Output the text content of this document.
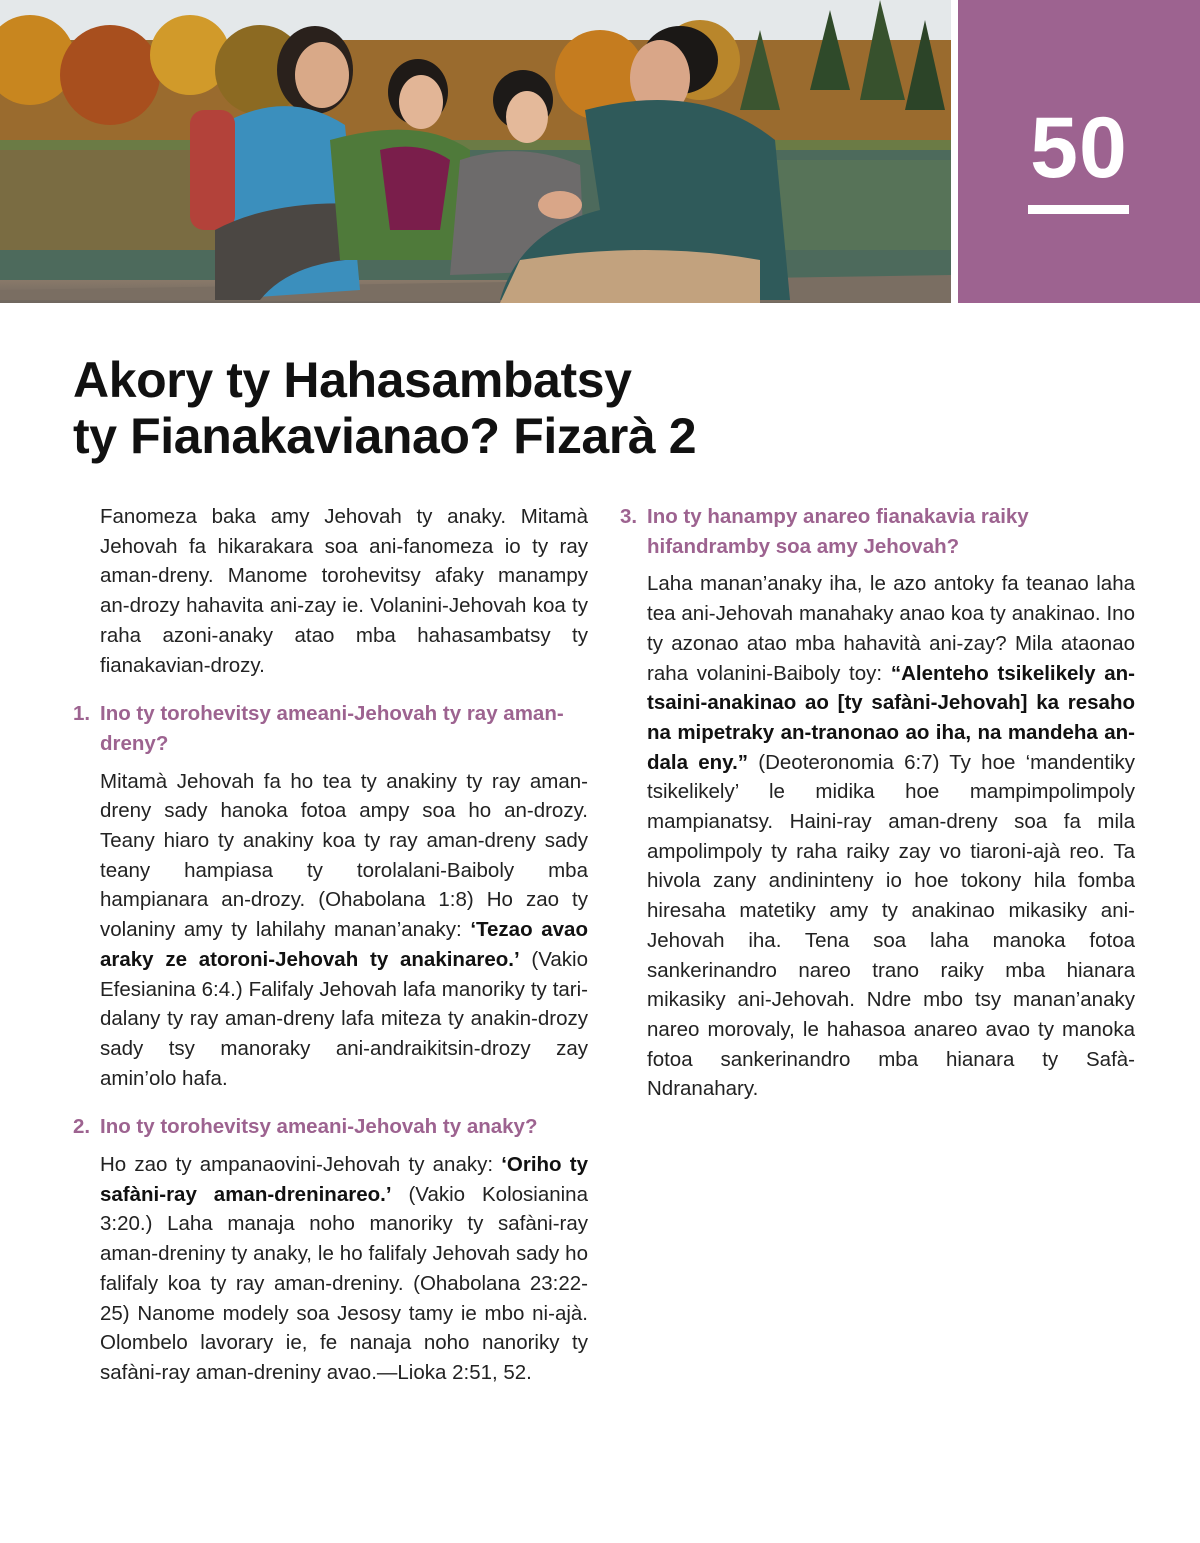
50
Akory ty Hahasambatsy
ty Fianakavianao? Fizarà 2

Fanomeza baka amy Jehovah ty anaky. Mitamà Jehovah fa hikarakara soa ani-fanomeza io ty ray aman-dreny. Manome torohevitsy afaky manampy an-drozy hahavita ani-zay ie. Volanini-Jehovah koa ty raha azoni-anaky atao mba hahasambatsy ty fianakavian-drozy.

1. Ino ty torohevitsy ameani-Jehovah ty ray aman-dreny?

Mitamà Jehovah fa ho tea ty anakiny ty ray aman-dreny sady hanoka fotoa ampy soa ho an-drozy. Teany hiaro ty anakiny koa ty ray aman-dreny sady teany hampiasa ty torolalani-Baiboly mba hampianara an-drozy. (Ohabolana 1:8) Ho zao ty volaniny amy ty lahilahy manan’anaky: ‘Tezao avao araky ze atoroni-Jehovah ty anakinareo.’ (Vakio Efesianina 6:4.) Falifaly Jehovah lafa manoriky ty tari-dalany ty ray aman-dreny lafa miteza ty anakin-drozy sady tsy manoraky ani-andraikitsin-drozy zay amin’olo hafa.

2. Ino ty torohevitsy ameani-Jehovah ty anaky?

Ho zao ty ampanaovini-Jehovah ty anaky: ‘Oriho ty safàni-ray aman-dreninareo.’ (Vakio Kolosianina 3:20.) Laha manaja noho manoriky ty safàni-ray aman-dreniny ty anaky, le ho falifaly Jehovah sady ho falifaly koa ty ray aman-dreniny. (Ohabolana 23:22-25) Nanome modely soa Jesosy tamy ie mbo ni-ajà. Olombelo lavorary ie, fe nanaja noho nanoriky ty safàni-ray aman-dreniny avao.—Lioka 2:51, 52.

3. Ino ty hanampy anareo fianakavia raiky hifandramby soa amy Jehovah?

Laha manan’anaky iha, le azo antoky fa teanao laha tea ani-Jehovah manahaky anao koa ty anakinao. Ino ty azonao atao mba hahavità ani-zay? Mila ataonao raha volanini-Baiboly toy: “Alenteho tsikelikely an-tsaini-anakinao ao [ty safàni-Jehovah] ka resaho na mipetraky an-tranonao ao iha, na mandeha an-dala eny.” (Deoteronomia 6:7) Ty hoe ‘mandentiky tsikelikely’ le midika hoe mampimpolimpoly mampianatsy. Haini-ray aman-dreny soa fa mila ampolimpoly ty raha raiky zay vo tiaroni-ajà reo. Ta hivola zany andininteny io hoe tokony hila fomba hiresaha matetiky amy ty anakinao mikasiky ani-Jehovah iha. Tena soa laha manoka fotoa sankerinandro nareo trano raiky mba hianara mikasiky ani-Jehovah. Ndre mbo tsy manan’anaky nareo morovaly, le hahasoa anareo avao ty manoka fotoa sankerinandro mba hianara ty Safà-Ndranahary.
